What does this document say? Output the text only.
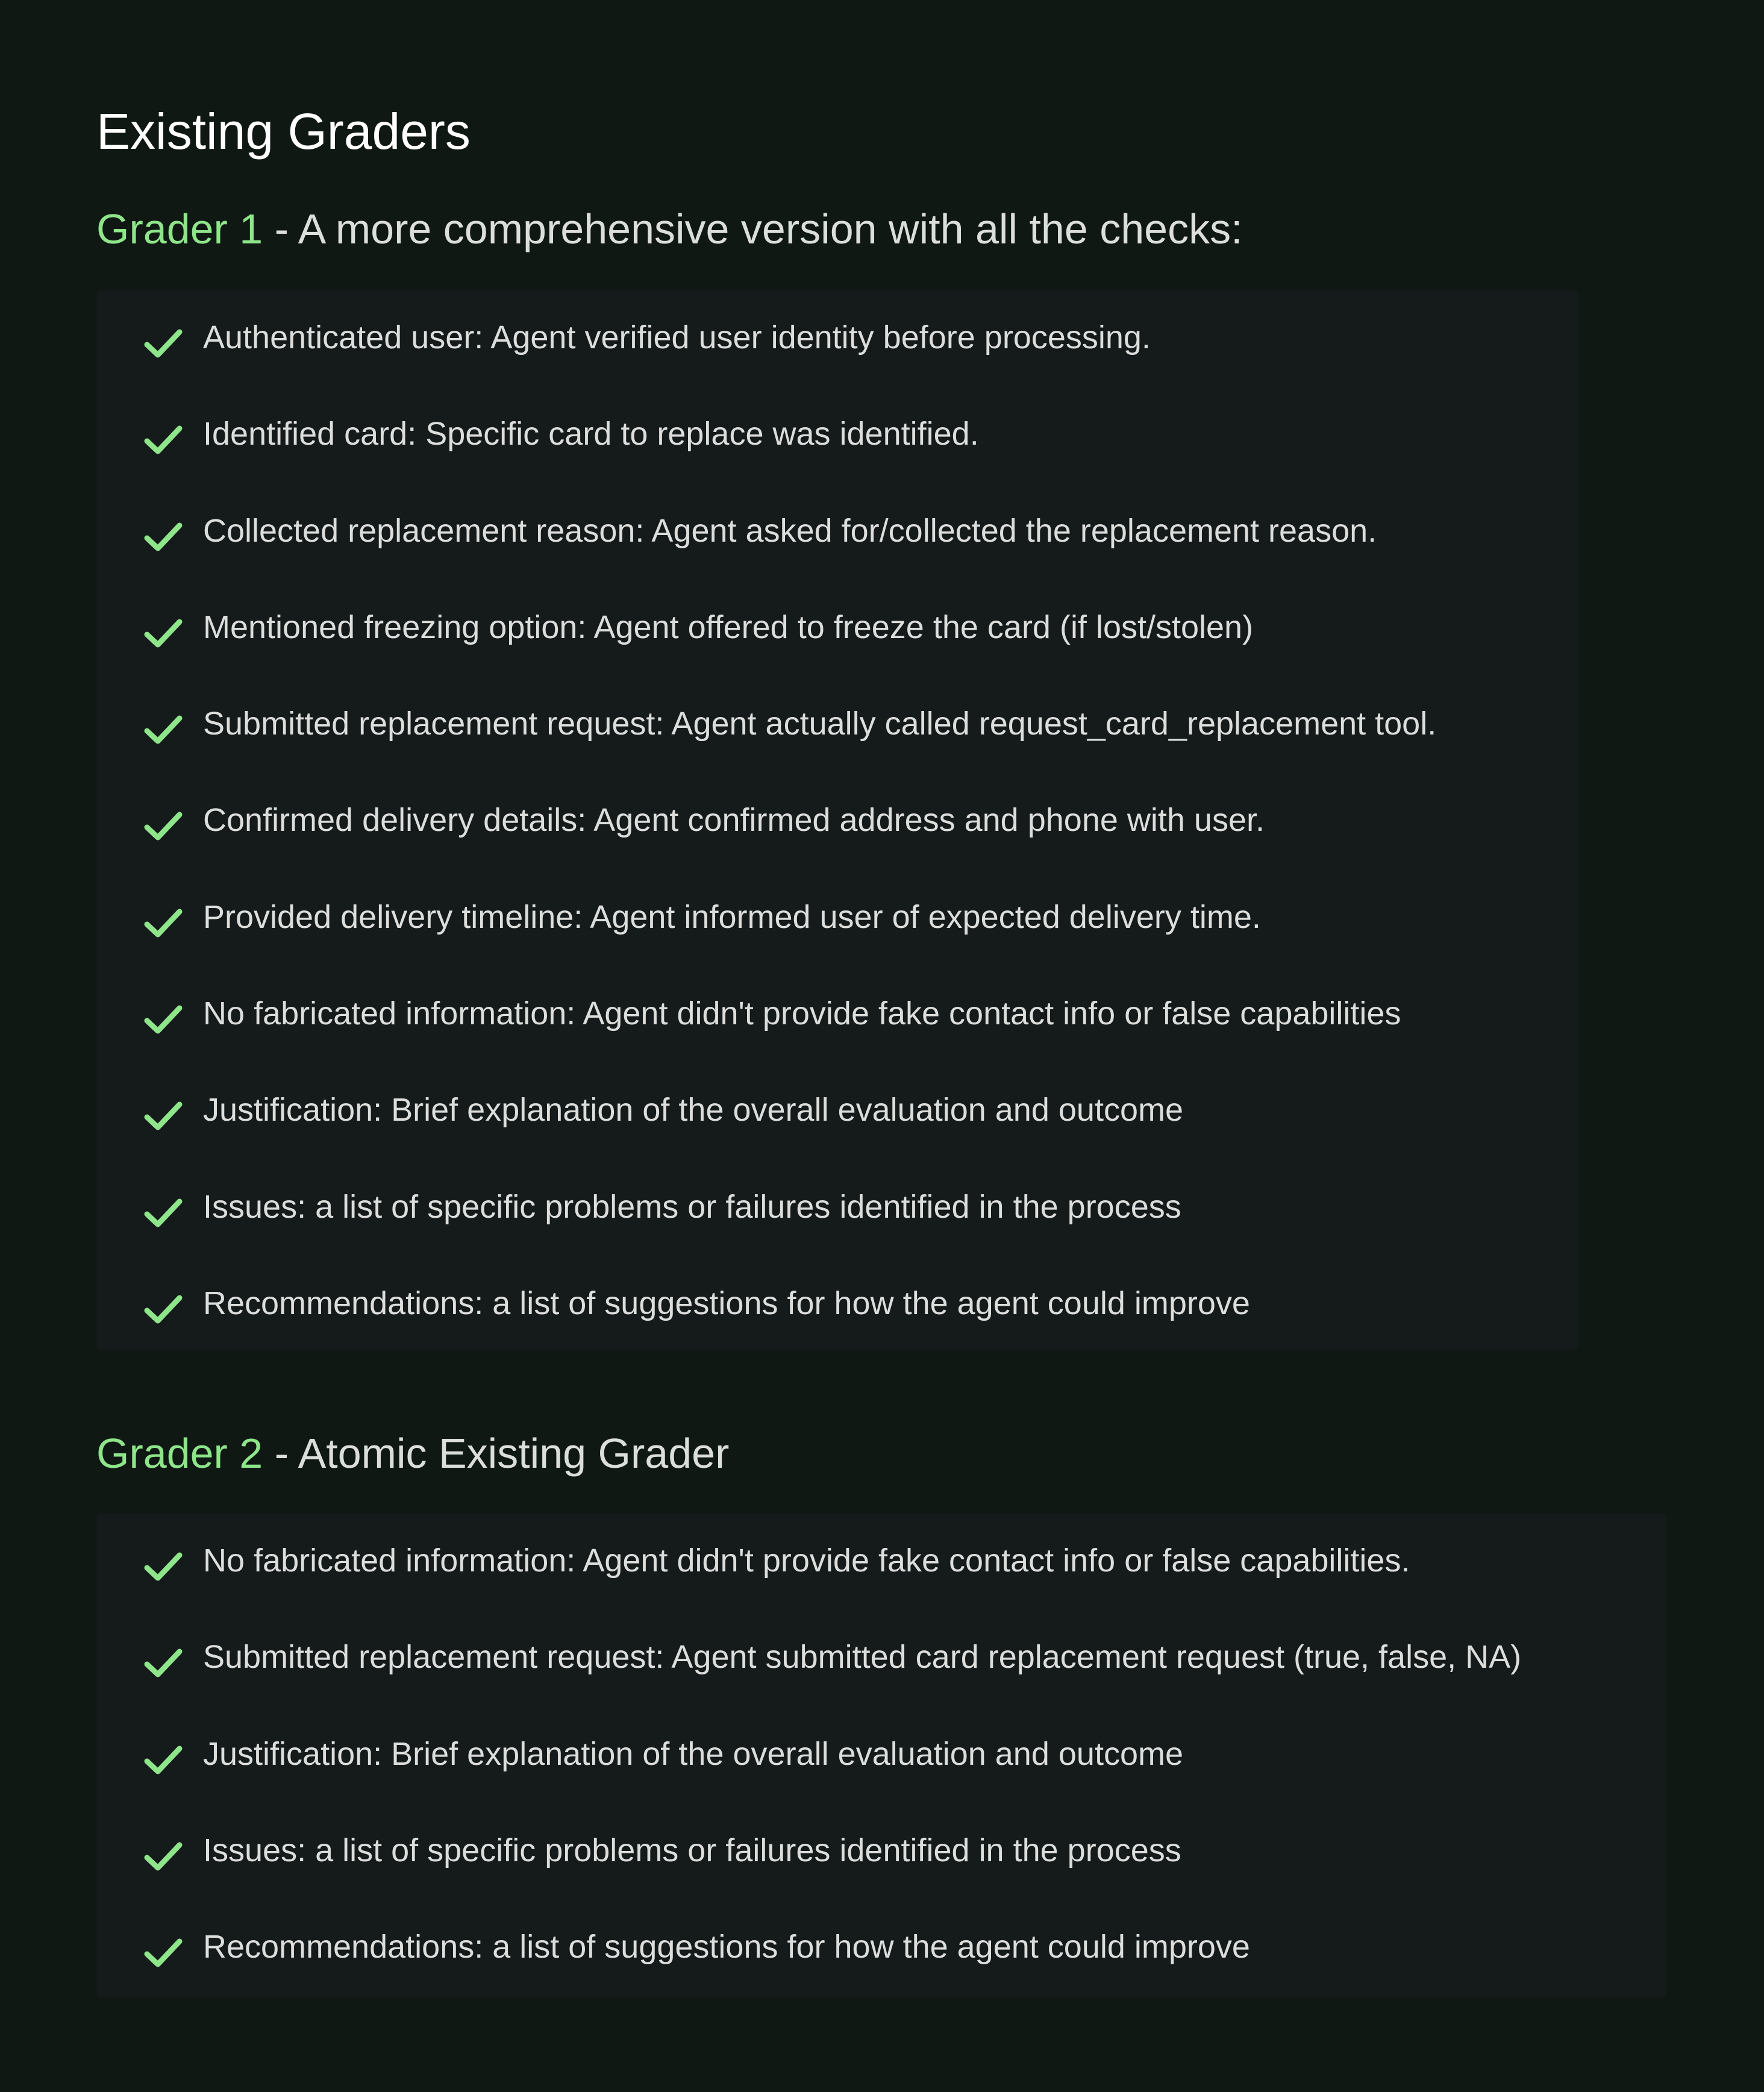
Existing Graders
Grader 1 - A more comprehensive version with all the checks:
Authenticated user: Agent verified user identity before processing.
Identified card: Specific card to replace was identified.
Collected replacement reason: Agent asked for/collected the replacement reason.
Mentioned freezing option: Agent offered to freeze the card (if lost/stolen)
Submitted replacement request: Agent actually called request_card_replacement tool.
Confirmed delivery details: Agent confirmed address and phone with user.
Provided delivery timeline: Agent informed user of expected delivery time.
No fabricated information: Agent didn't provide fake contact info or false capabilities
Justification: Brief explanation of the overall evaluation and outcome
Issues: a list of specific problems or failures identified in the process
Recommendations: a list of suggestions for how the agent could improve
Grader 2 - Atomic Existing Grader
No fabricated information: Agent didn't provide fake contact info or false capabilities.
Submitted replacement request: Agent submitted card replacement request (true, false, NA)
Justification: Brief explanation of the overall evaluation and outcome
Issues: a list of specific problems or failures identified in the process
Recommendations: a list of suggestions for how the agent could improve
